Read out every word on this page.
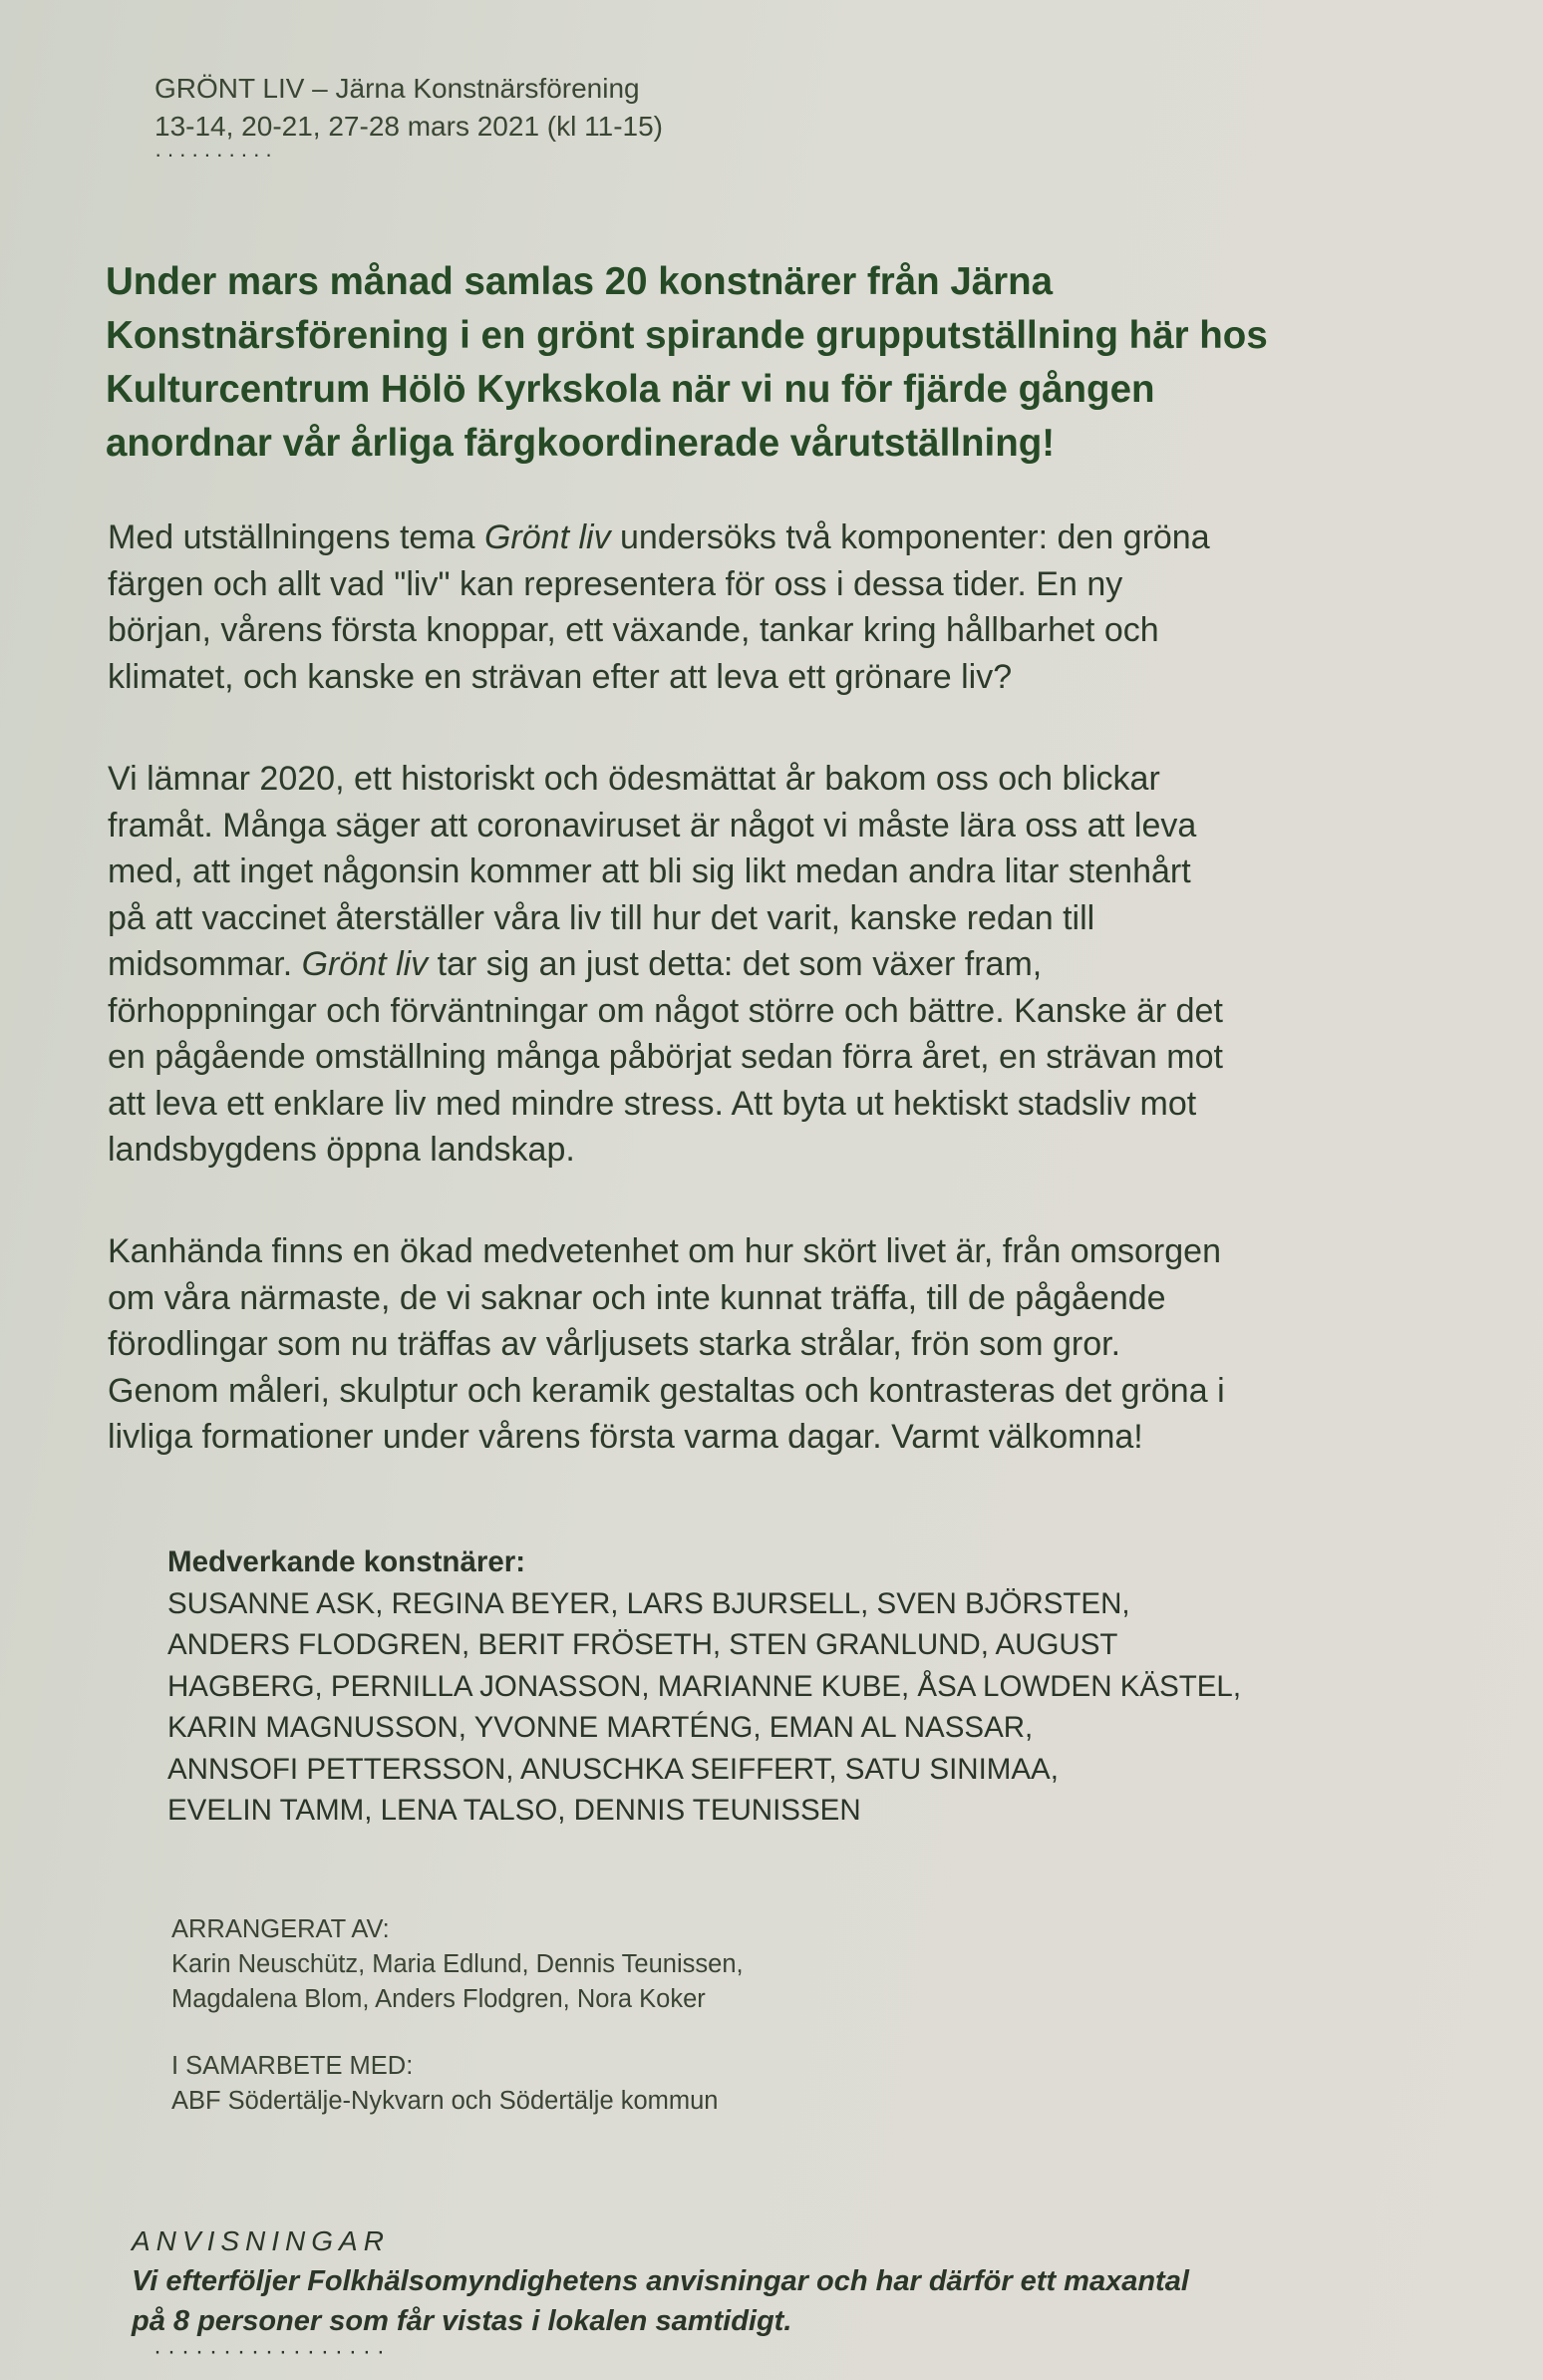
GRÖNT LIV – Järna Konstnärsförening
13-14, 20-21, 27-28 mars 2021 (kl 11-15)
··········
Under mars månad samlas 20 konstnärer från Järna
Konstnärsförening i en grönt spirande grupputställning här hos
Kulturcentrum Hölö Kyrkskola när vi nu för fjärde gången
anordnar vår årliga färgkoordinerade vårutställning!
Med utställningens tema Grönt liv undersöks två komponenter: den gröna
färgen och allt vad "liv" kan representera för oss i dessa tider. En ny
början, vårens första knoppar, ett växande, tankar kring hållbarhet och
klimatet, och kanske en strävan efter att leva ett grönare liv?
Vi lämnar 2020, ett historiskt och ödesmättat år bakom oss och blickar
framåt. Många säger att coronaviruset är något vi måste lära oss att leva
med, att inget någonsin kommer att bli sig likt medan andra litar stenhårt
på att vaccinet återställer våra liv till hur det varit, kanske redan till
midsommar. Grönt liv tar sig an just detta: det som växer fram,
förhoppningar och förväntningar om något större och bättre. Kanske är det
en pågående omställning många påbörjat sedan förra året, en strävan mot
att leva ett enklare liv med mindre stress. Att byta ut hektiskt stadsliv mot
landsbygdens öppna landskap.
Kanhända finns en ökad medvetenhet om hur skört livet är, från omsorgen
om våra närmaste, de vi saknar och inte kunnat träffa, till de pågående
förodlingar som nu träffas av vårljusets starka strålar, frön som gror.
Genom måleri, skulptur och keramik gestaltas och kontrasteras det gröna i
livliga formationer under vårens första varma dagar. Varmt välkomna!
Medverkande konstnärer:
SUSANNE ASK, REGINA BEYER, LARS BJURSELL, SVEN BJÖRSTEN,
ANDERS FLODGREN, BERIT FRÖSETH, STEN GRANLUND, AUGUST
HAGBERG, PERNILLA JONASSON, MARIANNE KUBE, ÅSA LOWDEN KÄSTEL,
KARIN MAGNUSSON, YVONNE MARTÉNG, EMAN AL NASSAR,
ANNSOFI PETTERSSON, ANUSCHKA SEIFFERT, SATU SINIMAA,
EVELIN TAMM, LENA TALSO, DENNIS TEUNISSEN
ARRANGERAT AV:
Karin Neuschütz, Maria Edlund, Dennis Teunissen,
Magdalena Blom, Anders Flodgren, Nora Koker
I SAMARBETE MED:
ABF Södertälje-Nykvarn och Södertälje kommun
ANVISNINGAR
Vi efterföljer Folkhälsomyndighetens anvisningar och har därför ett maxantal
på 8 personer som får vistas i lokalen samtidigt.
·················
